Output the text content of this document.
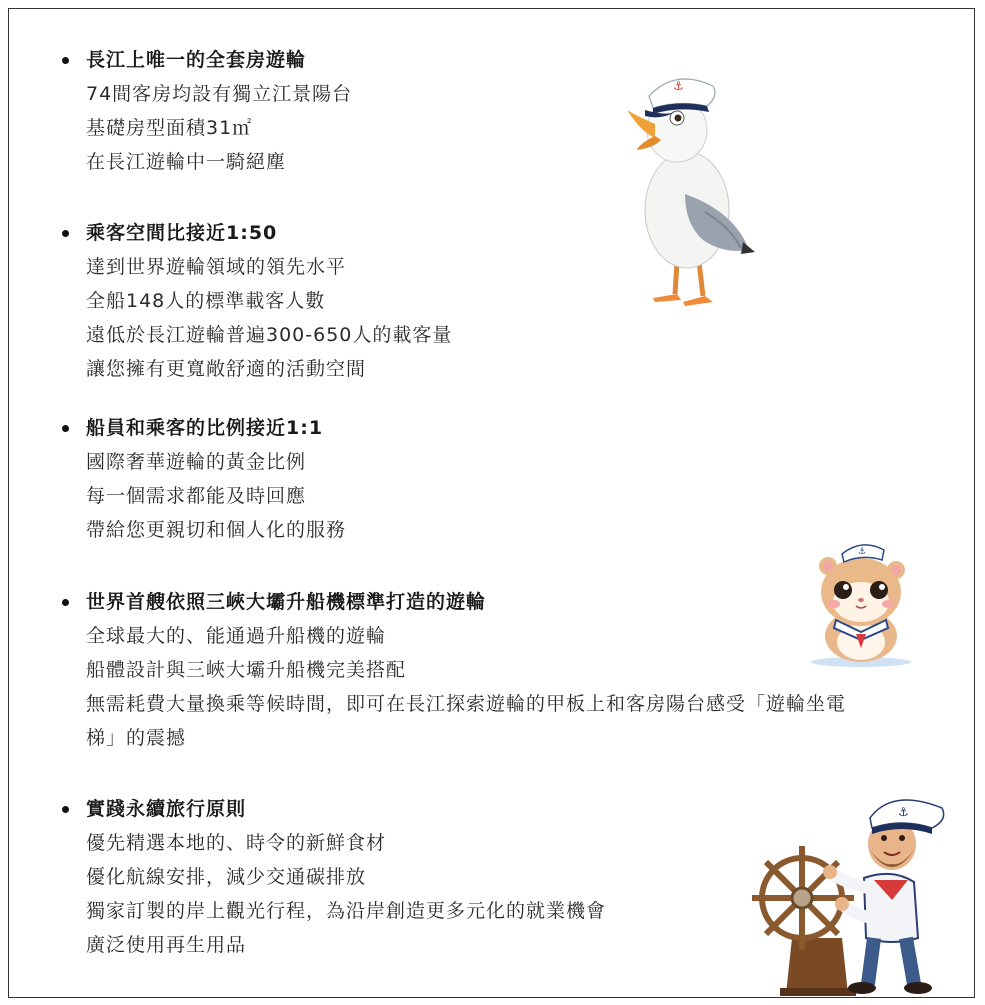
長江上唯一的全套房遊輪
74間客房均設有獨立江景陽台
基礎房型面積31㎡
在長江遊輪中一騎絕塵
乘客空間比接近1:50
達到世界遊輪領域的領先水平
全船148人的標準載客人數
遠低於長江遊輪普遍300-650人的載客量
讓您擁有更寬敞舒適的活動空間
船員和乘客的比例接近1:1
國際奢華遊輪的黃金比例
每一個需求都能及時回應
帶給您更親切和個人化的服務
世界首艘依照三峽大壩升船機標準打造的遊輪
全球最大的、能通過升船機的遊輪
船體設計與三峽大壩升船機完美搭配
無需耗費大量換乘等候時間，即可在長江探索遊輪的甲板上和客房陽台感受「遊輪坐電
梯」的震撼
實踐永續旅行原則
優先精選本地的、時令的新鮮食材
優化航線安排，減少交通碳排放
獨家訂製的岸上觀光行程，為沿岸創造更多元化的就業機會
廣泛使用再生用品
⚓
⚓
⚓
